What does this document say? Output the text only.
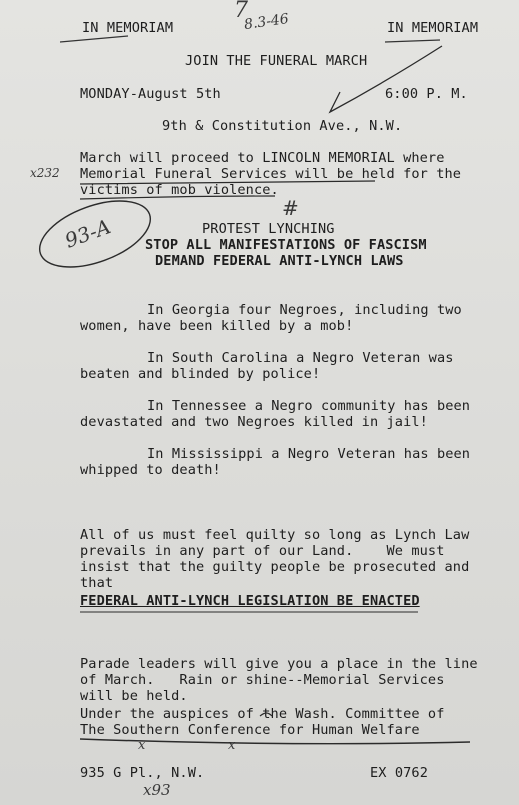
7
8.3-46
IN MEMORIAM	IN MEMORIAM
JOIN THE FUNERAL MARCH
MONDAY-August 5th	6:00 P. M.
9th & Constitution Ave., N.W.
March will proceed to LINCOLN MEMORIAL where
x232 Memorial Funeral Services will be held for the
victims of mob violence.
93-A
#
PROTEST LYNCHING
STOP ALL MANIFESTATIONS OF FASCISM
DEMAND FEDERAL ANTI-LYNCH LAWS
In Georgia four Negroes, including two
women, have been killed by a mob!
In South Carolina a Negro Veteran was
beaten and blinded by police!
In Tennessee a Negro community has been
devastated and two Negroes killed in jail!
In Mississippi a Negro Veteran has been
whipped to death!
All of us must feel quilty so long as Lynch Law
prevails in any part of our Land.    We must
insist that the guilty people be prosecuted and
that
FEDERAL ANTI-LYNCH LEGISLATION BE ENACTED
Parade leaders will give you a place in the line
of March.   Rain or shine--Memorial Services
will be held.
Under the auspices of the Wash. Committee of
The Southern Conference for Human Welfare
x	x
935 G Pl., N.W.	EX 0762
x93
